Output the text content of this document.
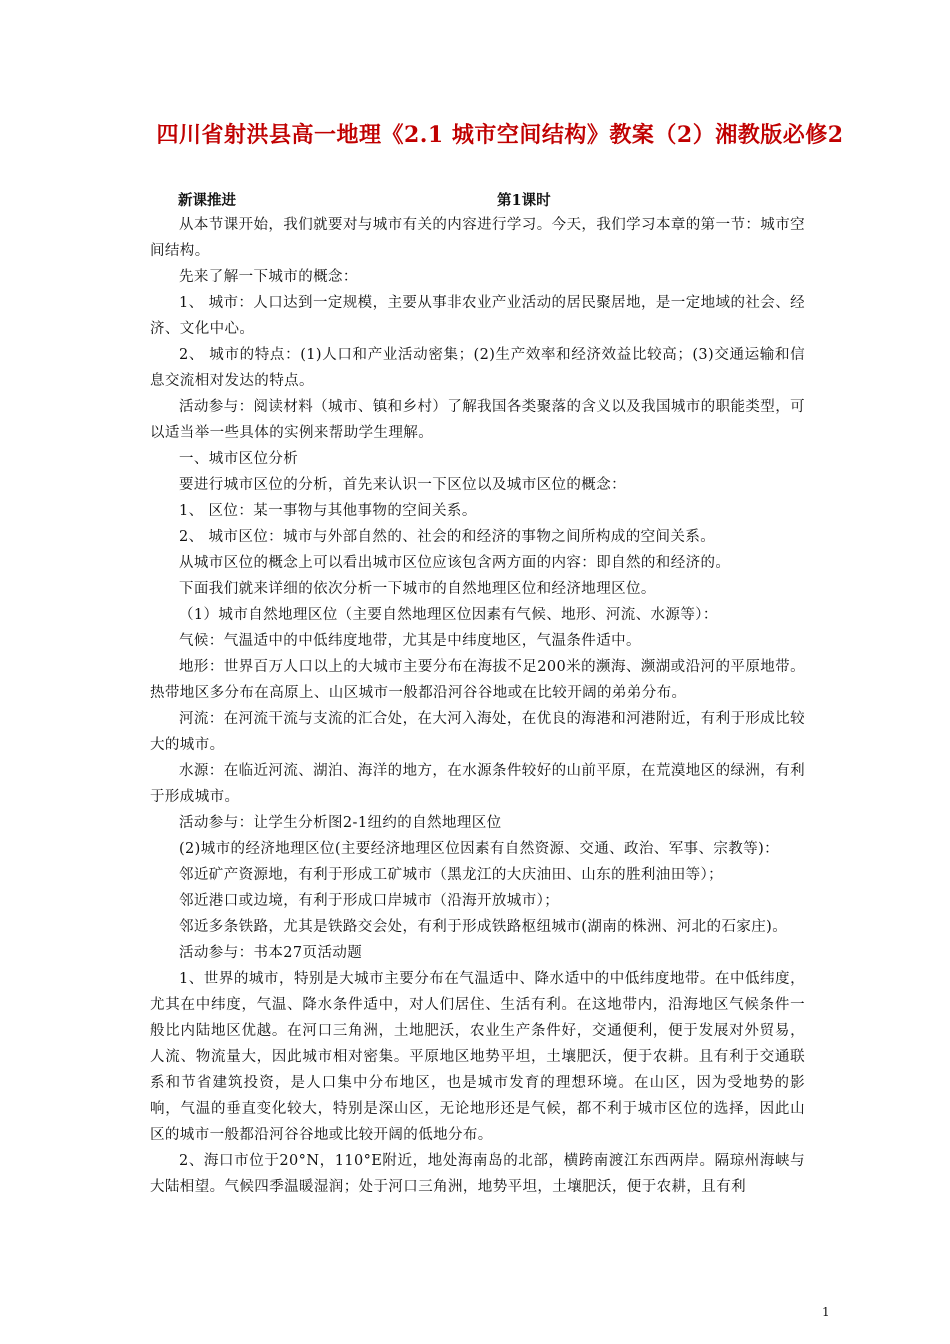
四川省射洪县高一地理《2.1 城市空间结构》教案（2）湘教版必修2
新课推进	第1课时

从本节课开始，我们就要对与城市有关的内容进行学习。今天，我们学习本章的第一节：城市空间结构。

先来了解一下城市的概念：

1、 城市：人口达到一定规模，主要从事非农业产业活动的居民聚居地，是一定地域的社会、经济、文化中心。

2、 城市的特点：(1)人口和产业活动密集；(2)生产效率和经济效益比较高；(3)交通运输和信息交流相对发达的特点。

活动参与：阅读材料（城市、镇和乡村）了解我国各类聚落的含义以及我国城市的职能类型，可以适当举一些具体的实例来帮助学生理解。

一、城市区位分析

要进行城市区位的分析，首先来认识一下区位以及城市区位的概念：

1、 区位：某一事物与其他事物的空间关系。

2、 城市区位：城市与外部自然的、社会的和经济的事物之间所构成的空间关系。

从城市区位的概念上可以看出城市区位应该包含两方面的内容：即自然的和经济的。

下面我们就来详细的依次分析一下城市的自然地理区位和经济地理区位。

（1）城市自然地理区位（主要自然地理区位因素有气候、地形、河流、水源等）：

气候：气温适中的中低纬度地带，尤其是中纬度地区，气温条件适中。

地形：世界百万人口以上的大城市主要分布在海拔不足200米的濒海、濒湖或沿河的平原地带。热带地区多分布在高原上、山区城市一般都沿河谷谷地或在比较开阔的弟弟分布。

河流：在河流干流与支流的汇合处，在大河入海处，在优良的海港和河港附近，有利于形成比较大的城市。

水源：在临近河流、湖泊、海洋的地方，在水源条件较好的山前平原，在荒漠地区的绿洲，有利于形成城市。

活动参与：让学生分析图2-1纽约的自然地理区位

(2)城市的经济地理区位(主要经济地理区位因素有自然资源、交通、政治、军事、宗教等)：

邻近矿产资源地，有利于形成工矿城市（黑龙江的大庆油田、山东的胜利油田等）；

邻近港口或边境，有利于形成口岸城市（沿海开放城市）；

邻近多条铁路，尤其是铁路交会处，有利于形成铁路枢纽城市(湖南的株洲、河北的石家庄)。

活动参与：书本27页活动题

1、世界的城市，特别是大城市主要分布在气温适中、降水适中的中低纬度地带。在中低纬度，尤其在中纬度，气温、降水条件适中，对人们居住、生活有利。在这地带内，沿海地区气候条件一般比内陆地区优越。在河口三角洲，土地肥沃，农业生产条件好，交通便利，便于发展对外贸易，人流、物流量大，因此城市相对密集。平原地区地势平坦，土壤肥沃，便于农耕。且有利于交通联系和节省建筑投资，是人口集中分布地区，也是城市发育的理想环境。在山区，因为受地势的影响，气温的垂直变化较大，特别是深山区，无论地形还是气候，都不利于城市区位的选择，因此山区的城市一般都沿河谷谷地或比较开阔的低地分布。

2、海口市位于20°N，110°E附近，地处海南岛的北部，横跨南渡江东西两岸。隔琼州海峡与大陆相望。气候四季温暖湿润；处于河口三角洲，地势平坦，土壤肥沃，便于农耕，且有利

1
